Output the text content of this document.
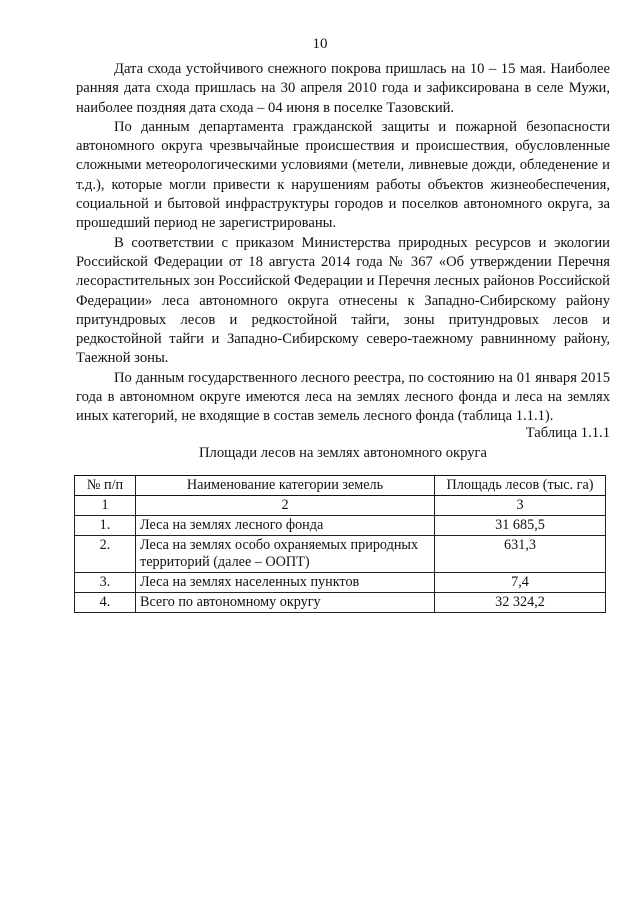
10

Дата схода устойчивого снежного покрова пришлась на 10 – 15 мая. Наиболее ранняя дата схода пришлась на 30 апреля 2010 года и зафиксирована в селе Мужи, наиболее поздняя дата схода – 04 июня в поселке Тазовский.

По данным департамента гражданской защиты и пожарной безопасности автономного округа чрезвычайные происшествия и происшествия, обусловленные сложными метеорологическими условиями (метели, ливневые дожди, обледенение и т.д.), которые могли привести к нарушениям работы объектов жизнеобеспечения, социальной и бытовой инфраструктуры городов и поселков автономного округа, за прошедший период не зарегистрированы.

В соответствии с приказом Министерства природных ресурсов и экологии Российской Федерации от 18 августа 2014 года № 367 «Об утверждении Перечня лесорастительных зон Российской Федерации и Перечня лесных районов Российской Федерации» леса автономного округа отнесены к Западно-Сибирскому району притундровых лесов и редкостойной тайги, зоны притундровых лесов и редкостойной тайги и Западно-Сибирскому северо-таежному равнинному району, Таежной зоны.

По данным государственного лесного реестра, по состоянию на 01 января 2015 года в автономном округе имеются леса на землях лесного фонда и леса на землях иных категорий, не входящие в состав земель лесного фонда (таблица 1.1.1).

Таблица 1.1.1
Площади лесов на землях автономного округа
№ п/п	Наименование категории земель	Площадь лесов (тыс. га)
1	2	3
1.	Леса на землях лесного фонда	31 685,5
2.	Леса на землях особо охраняемых природных территорий (далее – ООПТ)	631,3
3.	Леса на землях населенных пунктов	7,4
4.	Всего по автономному округу	32 324,2
